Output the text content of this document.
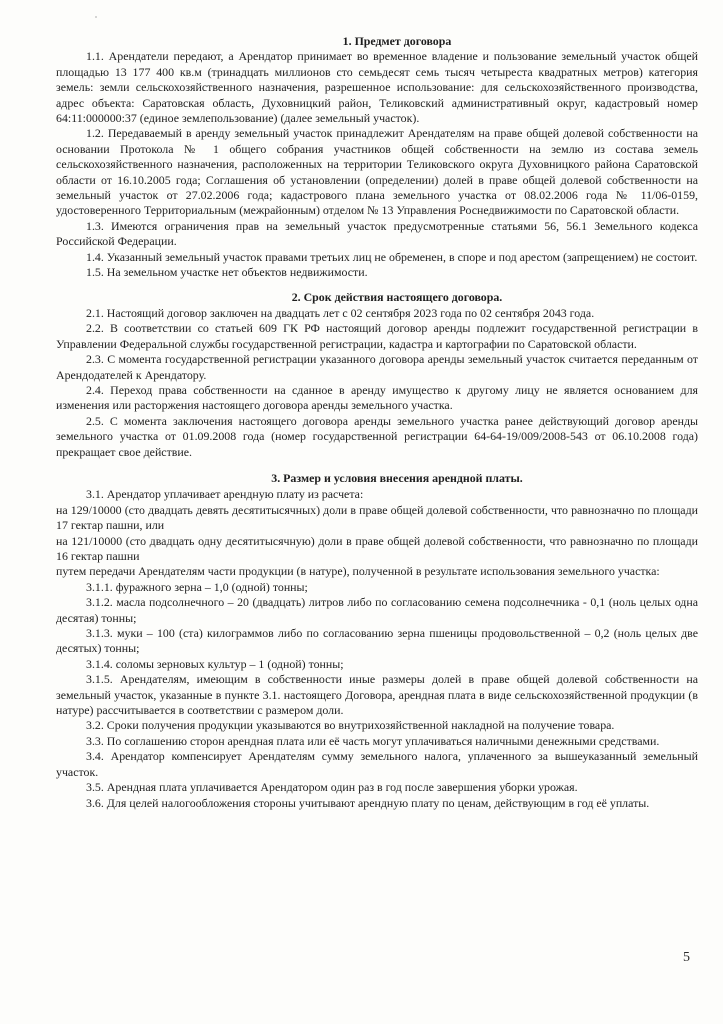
1. Предмет договора

1.1. Арендатели передают, а Арендатор принимает во временное владение и пользование земельный участок общей площадью 13 177 400 кв.м (тринадцать миллионов сто семьдесят семь тысяч четыреста квадратных метров) категория земель: земли сельскохозяйственного назначения, разрешенное использование: для сельскохозяйственного производства, адрес объекта: Саратовская область, Духовницкий район, Теликовский административный округ, кадастровый номер 64:11:000000:37 (единое землепользование) (далее земельный участок).

1.2. Передаваемый в аренду земельный участок принадлежит Арендателям на праве общей долевой собственности на основании Протокола № 1 общего собрания участников общей собственности на землю из состава земель сельскохозяйственного назначения, расположенных на территории Теликовского округа Духовницкого района Саратовской области от 16.10.2005 года; Соглашения об установлении (определении) долей в праве общей долевой собственности на земельный участок от 27.02.2006 года; кадастрового плана земельного участка от 08.02.2006 года № 11/06-0159, удостоверенного Территориальным (межрайонным) отделом № 13 Управления Роснедвижимости по Саратовской области.

1.3. Имеются ограничения прав на земельный участок предусмотренные статьями 56, 56.1 Земельного кодекса Российской Федерации.

1.4. Указанный земельный участок правами третьих лиц не обременен, в споре и под арестом (запрещением) не состоит.

1.5. На земельном участке нет объектов недвижимости.

2. Срок действия настоящего договора.

2.1. Настоящий договор заключен на двадцать лет с 02 сентября 2023 года по 02 сентября 2043 года.

2.2. В соответствии со статьей 609 ГК РФ настоящий договор аренды подлежит государственной регистрации в Управлении Федеральной службы государственной регистрации, кадастра и картографии по Саратовской области.

2.3. С момента государственной регистрации указанного договора аренды земельный участок считается переданным от Арендодателей к Арендатору.

2.4. Переход права собственности на сданное в аренду имущество к другому лицу не является основанием для изменения или расторжения настоящего договора аренды земельного участка.

2.5. С момента заключения настоящего договора аренды земельного участка ранее действующий договор аренды земельного участка от 01.09.2008 года (номер государственной регистрации 64-64-19/009/2008-543 от 06.10.2008 года) прекращает свое действие.

3. Размер и условия внесения арендной платы.

3.1. Арендатор уплачивает арендную плату из расчета:

на 129/10000 (сто двадцать девять десятитысячных) доли в праве общей долевой собственности, что равнозначно по площади 17 гектар пашни, или

на 121/10000 (сто двадцать одну десятитысячную) доли в праве общей долевой собственности, что равнозначно по площади 16 гектар пашни

путем передачи Арендателям части продукции (в натуре), полученной в результате использования земельного участка:

3.1.1. фуражного зерна – 1,0 (одной) тонны;

3.1.2. масла подсолнечного – 20 (двадцать) литров либо по согласованию семена подсолнечника - 0,1 (ноль целых одна десятая) тонны;

3.1.3. муки – 100 (ста) килограммов либо по согласованию зерна пшеницы продовольственной – 0,2 (ноль целых две десятых) тонны;

3.1.4. соломы зерновых культур – 1 (одной) тонны;

3.1.5. Арендателям, имеющим в собственности иные размеры долей в праве общей долевой собственности на земельный участок, указанные в пункте 3.1. настоящего Договора, арендная плата в виде сельскохозяйственной продукции (в натуре) рассчитывается в соответствии с размером доли.

3.2. Сроки получения продукции указываются во внутрихозяйственной накладной на получение товара.

3.3. По соглашению сторон арендная плата или её часть могут уплачиваться наличными денежными средствами.

3.4. Арендатор компенсирует Арендателям сумму земельного налога, уплаченного за вышеуказанный земельный участок.

3.5. Арендная плата уплачивается Арендатором один раз в год после завершения уборки урожая.

3.6. Для целей налогообложения стороны учитывают арендную плату по ценам, действующим в год её уплаты.

5
